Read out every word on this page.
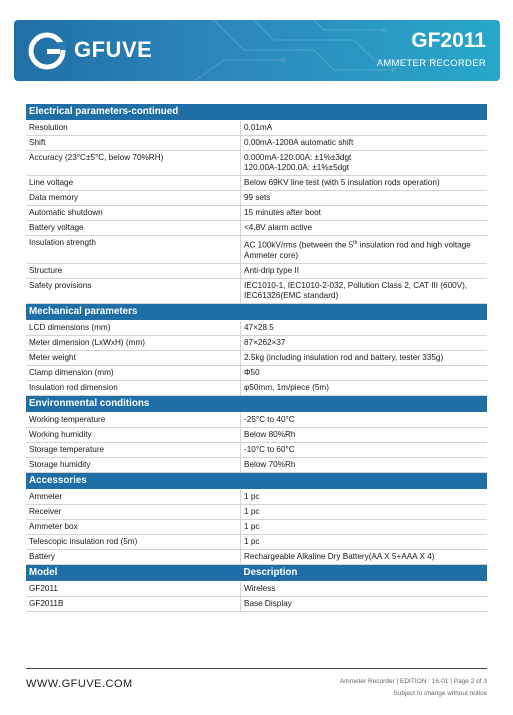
GFUVE	GF2011
AMMETER RECORDER
Electrical parameters-continued	
Resolution	0.01mA
Shift	0.00mA-1200A automatic shift
Accuracy (23°C±5°C, below 70%RH)	0.000mA-120.00A: ±1%±3dgt
120.00A-1200.0A: ±1%±5dgt

Line voltage	Below 69KV line test (with 5 insulation rods operation)
Data memory	99 sets
Automatic shutdown	15 minutes after boot
Battery voltage	<4.8V alarm active
Insulation strength	AC 100kV/rms (between the 5th insulation rod and high voltage Ammeter core)
Structure	Anti-drip type II
Safety provisions	IEC1010-1, IEC1010-2-032, Pollution Class 2, CAT III (600V), IEC61326(EMC standard)
Mechanical parameters	
LCD dimensions (mm)	47×28.5
Meter dimension (LxWxH) (mm)	87×262×37
Meter weight	2.5kg (including insulation rod and battery, tester 335g)
Clamp dimension (mm)	Φ50
Insulation rod dimension	φ50mm, 1m/piece (5m)
Environmental conditions	
Working temperature	-25°C to 40°C
Working humidity	Below 80%Rh
Storage temperature	-10°C to 60°C
Storage humidity	Below 70%Rh
Accessories	
Ammeter	1 pc
Receiver	1 pc
Ammeter box	1 pc
Telescopic insulation rod (5m)	1 pc
Battery	Rechargeable Alkaline Dry Battery(AA X 5+AAA X 4)
Model	Description
GF2011	Wireless
GF2011B	Base Display
WWW.GFUVE.COM	Ammeter Recorder | EDITION : 16-01 | Page 2 of 3
Subject to change without notice
